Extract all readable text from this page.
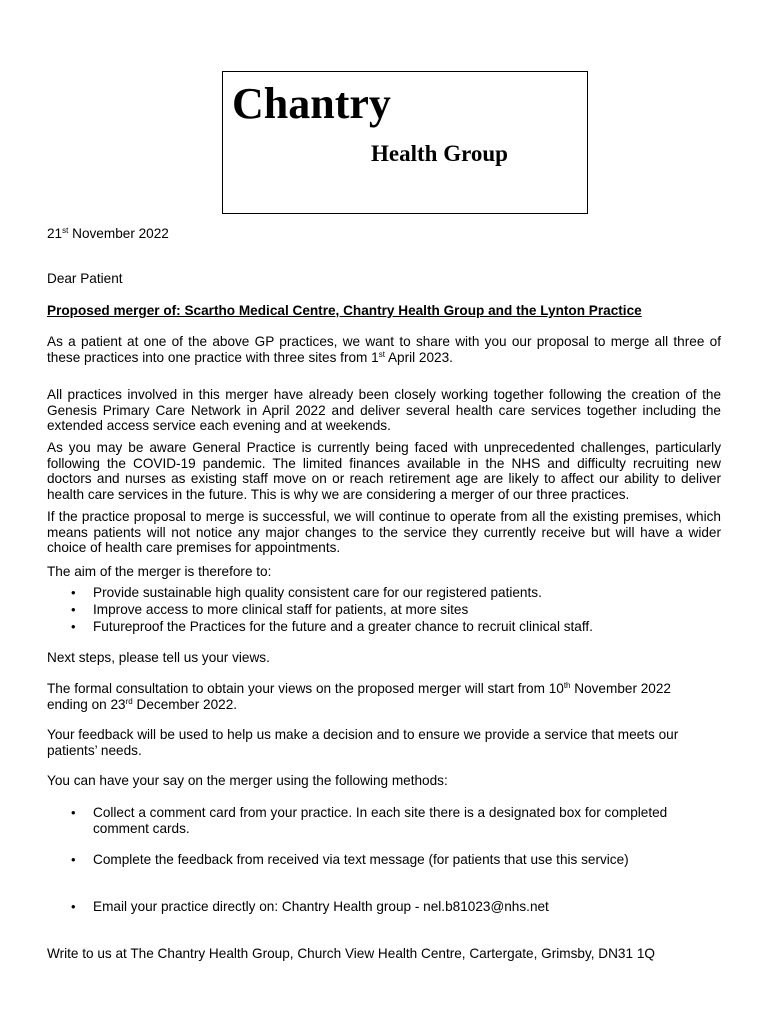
Chantry
Health Group

21st November 2022

Dear Patient

Proposed merger of: Scartho Medical Centre, Chantry Health Group and the Lynton Practice

As a patient at one of the above GP practices, we want to share with you our proposal to merge all three of these practices into one practice with three sites from 1st April 2023.

All practices involved in this merger have already been closely working together following the creation of the Genesis Primary Care Network in April 2022 and deliver several health care services together including the extended access service each evening and at weekends.

As you may be aware General Practice is currently being faced with unprecedented challenges, particularly following the COVID-19 pandemic. The limited finances available in the NHS and difficulty recruiting new doctors and nurses as existing staff move on or reach retirement age are likely to affect our ability to deliver health care services in the future. This is why we are considering a merger of our three practices.

If the practice proposal to merge is successful, we will continue to operate from all the existing premises, which means patients will not notice any major changes to the service they currently receive but will have a wider choice of health care premises for appointments.

The aim of the merger is therefore to:

• Provide sustainable high quality consistent care for our registered patients.
• Improve access to more clinical staff for patients, at more sites
• Futureproof the Practices for the future and a greater chance to recruit clinical staff.

Next steps, please tell us your views.

The formal consultation to obtain your views on the proposed merger will start from 10th November 2022 ending on 23rd December 2022.

Your feedback will be used to help us make a decision and to ensure we provide a service that meets our patients’ needs.

You can have your say on the merger using the following methods:

• Collect a comment card from your practice. In each site there is a designated box for completed comment cards.
• Complete the feedback from received via text message (for patients that use this service)
• Email your practice directly on: Chantry Health group - nel.b81023@nhs.net

Write to us at The Chantry Health Group, Church View Health Centre, Cartergate, Grimsby, DN31 1Q
